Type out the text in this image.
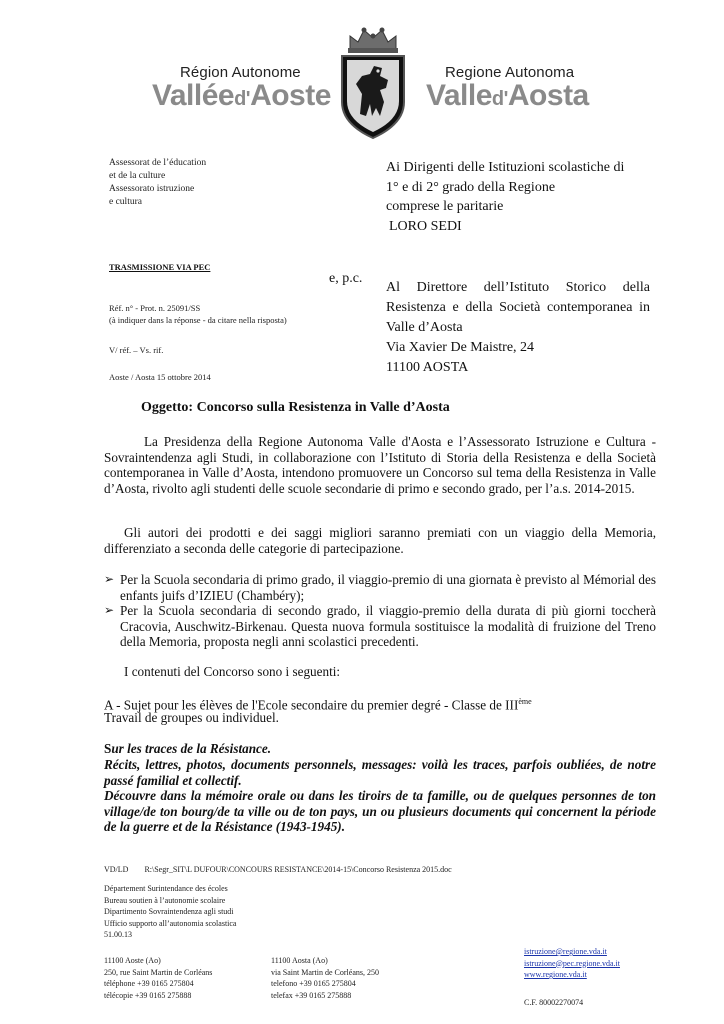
Région Autonome
Valléed'Aoste
Regione Autonoma
Valled'Aosta
Assessorat de l’éducation
et de la culture
Assessorato istruzione
e cultura
TRASMISSIONE VIA PEC
e, p.c.
Réf. n° - Prot. n. 25091/SS
(à indiquer dans la réponse - da citare nella risposta)
V/ réf. – Vs. rif.
Aoste / Aosta 15 ottobre 2014
Ai Dirigenti delle Istituzioni scolastiche di
1° e di 2° grado della Regione
comprese le paritarie
LORO SEDI
Al Direttore dell’Istituto Storico della Resistenza e della Società contemporanea in Valle d’Aosta
Via Xavier De Maistre, 24
11100 AOSTA
Oggetto: Concorso sulla Resistenza in Valle d’Aosta
La Presidenza della Regione Autonoma Valle d'Aosta e l’Assessorato Istruzione e Cultura - Sovraintendenza agli Studi, in collaborazione con l’Istituto di Storia della Resistenza e della Società contemporanea in Valle d’Aosta, intendono promuovere un Concorso sul tema della Resistenza in Valle d’Aosta, rivolto agli studenti delle scuole secondarie di primo e secondo grado, per l’a.s. 2014-2015.
Gli autori dei prodotti e dei saggi migliori saranno premiati con un viaggio della Memoria, differenziato a seconda delle categorie di partecipazione.
➢ Per la Scuola secondaria di primo grado, il viaggio-premio di una giornata è previsto al Mémorial des enfants juifs d’IZIEU (Chambéry);
➢ Per la Scuola secondaria di secondo grado, il viaggio-premio della durata di più giorni toccherà Cracovia, Auschwitz-Birkenau. Questa nuova formula sostituisce la modalità di fruizione del Treno della Memoria, proposta negli anni scolastici precedenti.
I contenuti del Concorso sono i seguenti:
A - Sujet pour les élèves de l'Ecole secondaire du premier degré - Classe de IIIème
Travail de groupes ou individuel.
Sur les traces de la Résistance.
Récits, lettres, photos, documents personnels, messages: voilà les traces, parfois oubliées, de notre passé familial et collectif.
Découvre dans la mémoire orale ou dans les tiroirs de ta famille, ou de quelques personnes de ton village/de ton bourg/de ta ville ou de ton pays, un ou plusieurs documents qui concernent la période de la guerre et de la Résistance (1943-1945).
VD/LD        R:\Segr_SIT\L DUFOUR\CONCOURS RESISTANCE\2014-15\Concorso Resistenza 2015.doc
Département Surintendance des écoles
Bureau soutien à l’autonomie scolaire
Dipartimento Sovraintendenza agli studi
Ufficio supporto all’autonomia scolastica
51.00.13
11100 Aoste (Ao)
250, rue Saint Martin de Corléans
téléphone +39 0165 275804
télécopie +39 0165 275888
11100 Aosta (Ao)
via Saint Martin de Corléans, 250
telefono +39 0165 275804
telefax +39 0165 275888
istruzione@regione.vda.it
istruzione@pec.regione.vda.it
www.regione.vda.it
C.F. 80002270074
